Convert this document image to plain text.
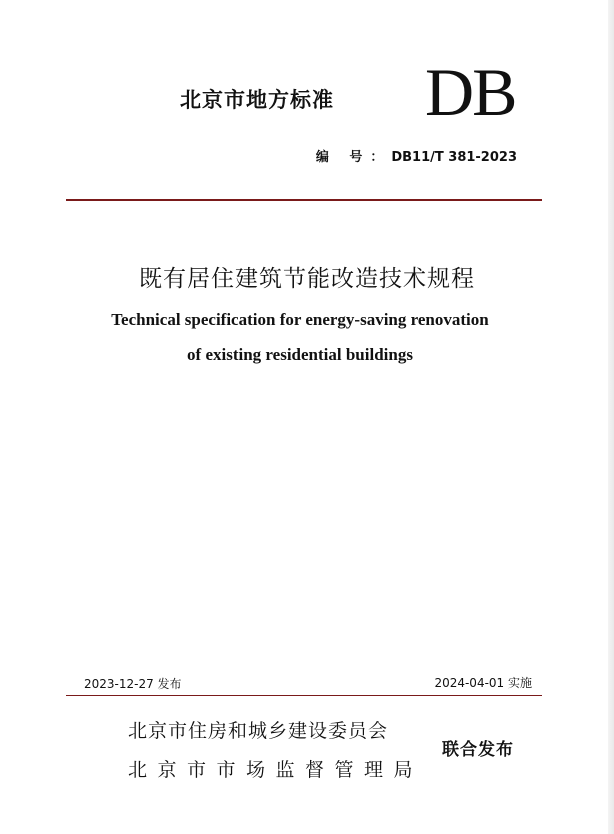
北京市地方标准 DB
编 号：DB11/T 381-2023
既有居住建筑节能改造技术规程
Technical specification for energy-saving renovation
of existing residential buildings
2023-12-27 发布	2024-04-01 实施
北京市住房和城乡建设委员会
北京市市场监督管理局
联合发布
